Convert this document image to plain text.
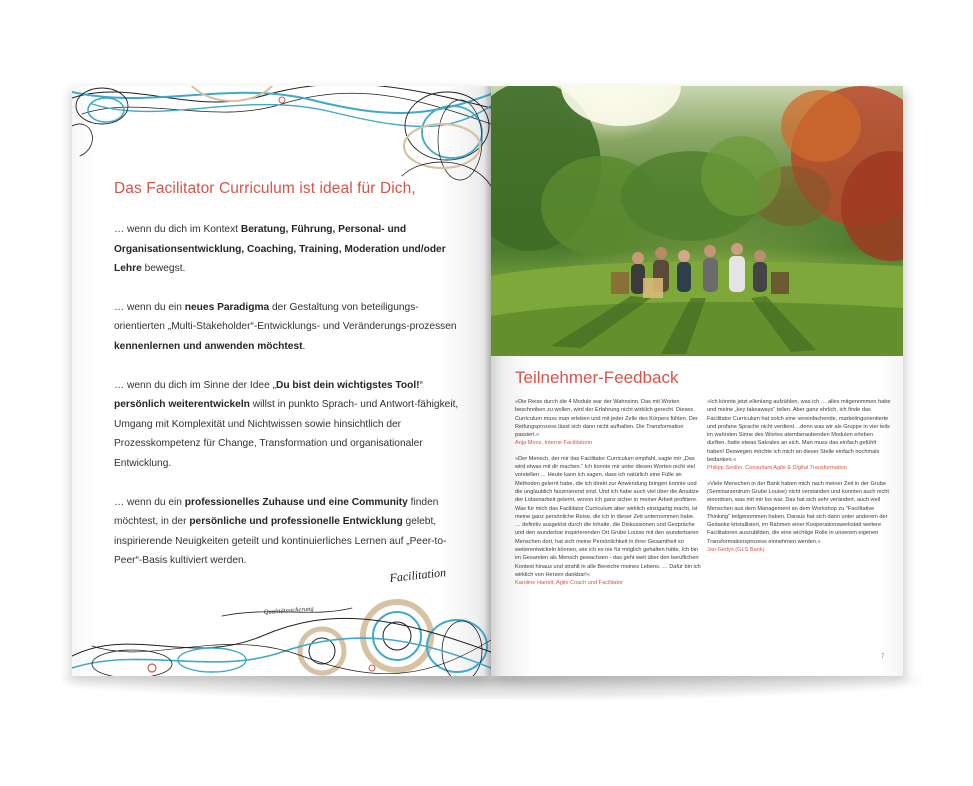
Das Facilitator Curriculum ist ideal für Dich,

… wenn du dich im Kontext Beratung, Führung, Personal- und Organisationsentwicklung, Coaching, Training, Moderation und/oder Lehre bewegst.

… wenn du ein neues Paradigma der Gestaltung von beteiligungs-orientierten „Multi-Stakeholder“-Entwicklungs- und Veränderungs-prozessen kennenlernen und anwenden möchtest.

… wenn du dich im Sinne der Idee „Du bist dein wichtigstes Tool!“ persönlich weiterentwickeln willst in punkto Sprach- und Antwort-fähigkeit, Umgang mit Komplexität und Nichtwissen sowie hinsichtlich der Prozesskompetenz für Change, Transformation und organisationaler Entwicklung.

… wenn du ein professionelles Zuhause und eine Community finden möchtest, in der persönliche und professionelle Entwicklung gelebt, inspirierende Neuigkeiten geteilt und kontinuierliches Lernen auf „Peer-to-Peer“-Basis kultiviert werden.

Facilitation
Qualitätssicherung
Teilnehmer-Feedback
»Die Reise durch die 4 Module war der Wahnsinn. Das mit Worten beschreiben zu wollen, wird der Erfahrung nicht wirklich gerecht. Dieses Curriculum muss man erleben und mit jeder Zelle des Körpers fühlen. Der Reifungsprozess lässt sich dann nicht aufhalten. Die Transformation passiert.«
Anja Monz, Interne Facilitatorin
»Der Mensch, der mir das Facilitator Curriculum empfahl, sagte mir „Das wird etwas mit dir machen.“ Ich konnte mir unter diesen Worten nicht viel vorstellen … Heute kann ich sagen, dass ich natürlich eine Fülle an Methoden gelernt habe, die ich direkt zur Anwendung bringen konnte und die unglaublich faszinierend sind. Und ich habe auch viel über die Ansätze der Lotsenarbeit gelernt, wovon ich ganz sicher in meiner Arbeit profitiere. Was für mich das Facilitator Curriculum aber wirklich einzigartig macht, ist meine ganz persönliche Reise, die ich in dieser Zeit unternommen habe. … definitiv ausgelöst durch die Inhalte, die Diskussionen und Gespräche und den wunderbar inspirierenden Ort Grube Louise mit den wunderbaren Menschen dort, hat sich meine Persönlichkeit in ihrer Gesamtheit so weiterentwickeln können, wie ich es nie für möglich gehalten hätte. Ich bin im Gesamten als Mensch gewachsen - das geht weit über den beruflichen Kontext hinaus und strahlt in alle Bereiche meines Lebens. … Dafür bin ich wirklich von Herzen dankbar!«
Karoline Hanelt, Agile Coach und Facilitator
»Ich könnte jetzt ellenlang aufzählen, was ich … alles mitgenommen habe und meine „key takeaways“ teilen. Aber ganz ehrlich, ich finde das Facilitator Curriculum hat solch eine vereinfachende, marketingorientierte und profane Sprache nicht verdient. ..denn was wir als Gruppe in vier teils im wahrsten Sinne des Wortes atemberaubenden Modulen erleben durften, hatte etwas Sakrales an sich. Man muss das einfach gefühlt haben! Deswegen möchte ich mich an dieser Stelle einfach nochmals bedanken.«
Philipp Sexller, Consultant Agile & Digital Transformation
»Viele Menschen in der Bank haben mich nach meiner Zeit in der Grube (Seminarzentrum Grube Louise) nicht verstanden und konnten auch nicht einordnen, was mit mir los war. Das hat sich sehr verändert, auch weil Menschen aus dem Management an dem Workshop zu "Facilitative Thinking" teilgenommen haben. Daraus hat sich dann unter anderem der Gedanke kristallisiert, im Rahmen einer Kooperationswerkstatt weitere Facilitatoren auszubilden, die eine wichtige Rolle in unserem eigenen Transformationsprozess einnehmen werden.«
Jan Gettys (GLS Bank)
7
